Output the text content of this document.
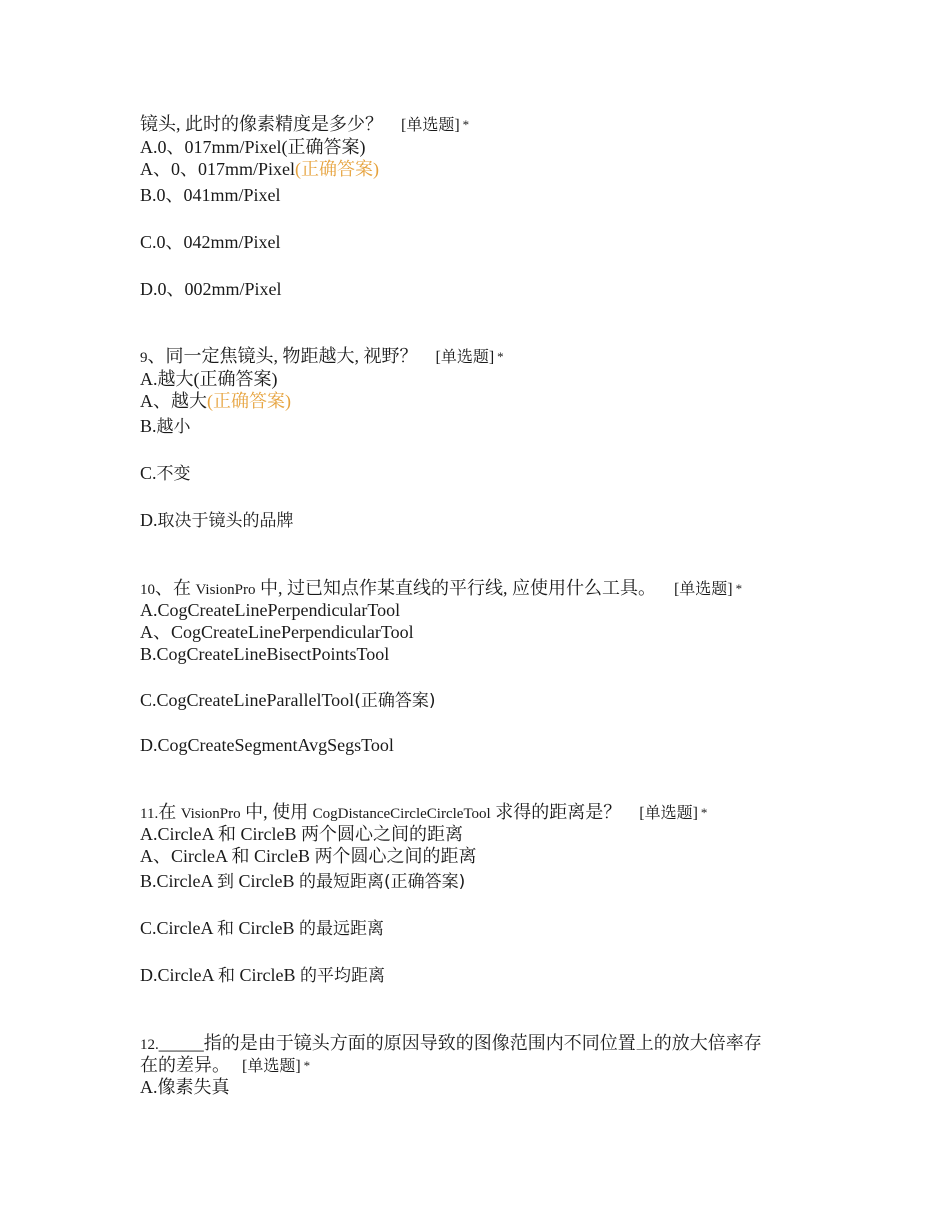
镜头, 此时的像素精度是多少？ [单选题] *
A.0、017mm/Pixel(正确答案)
A、0、017mm/Pixel(正确答案)
B.0、041mm/Pixel
C.0、042mm/Pixel
D.0、002mm/Pixel
9、同一定焦镜头, 物距越大, 视野？ [单选题] *
A.越大(正确答案)
A、越大(正确答案)
B.越小
C.不变
D.取决于镜头的品牌
10、在 VisionPro 中, 过已知点作某直线的平行线, 应使用什么工具。 [单选题] *
A.CogCreateLinePerpendicularTool
A、CogCreateLinePerpendicularTool
B.CogCreateLineBisectPointsTool
C.CogCreateLineParallelTool(正确答案)
D.CogCreateSegmentAvgSegsTool
11.在 VisionPro 中, 使用 CogDistanceCircleCircleTool 求得的距离是？ [单选题] *
A.CircleA 和 CircleB 两个圆心之间的距离
A、CircleA 和 CircleB 两个圆心之间的距离
B.CircleA 到 CircleB 的最短距离(正确答案)
C.CircleA 和 CircleB 的最远距离
D.CircleA 和 CircleB 的平均距离
12._____指的是由于镜头方面的原因导致的图像范围内不同位置上的放大倍率存
在的差异。 [单选题] *
A.像素失真
